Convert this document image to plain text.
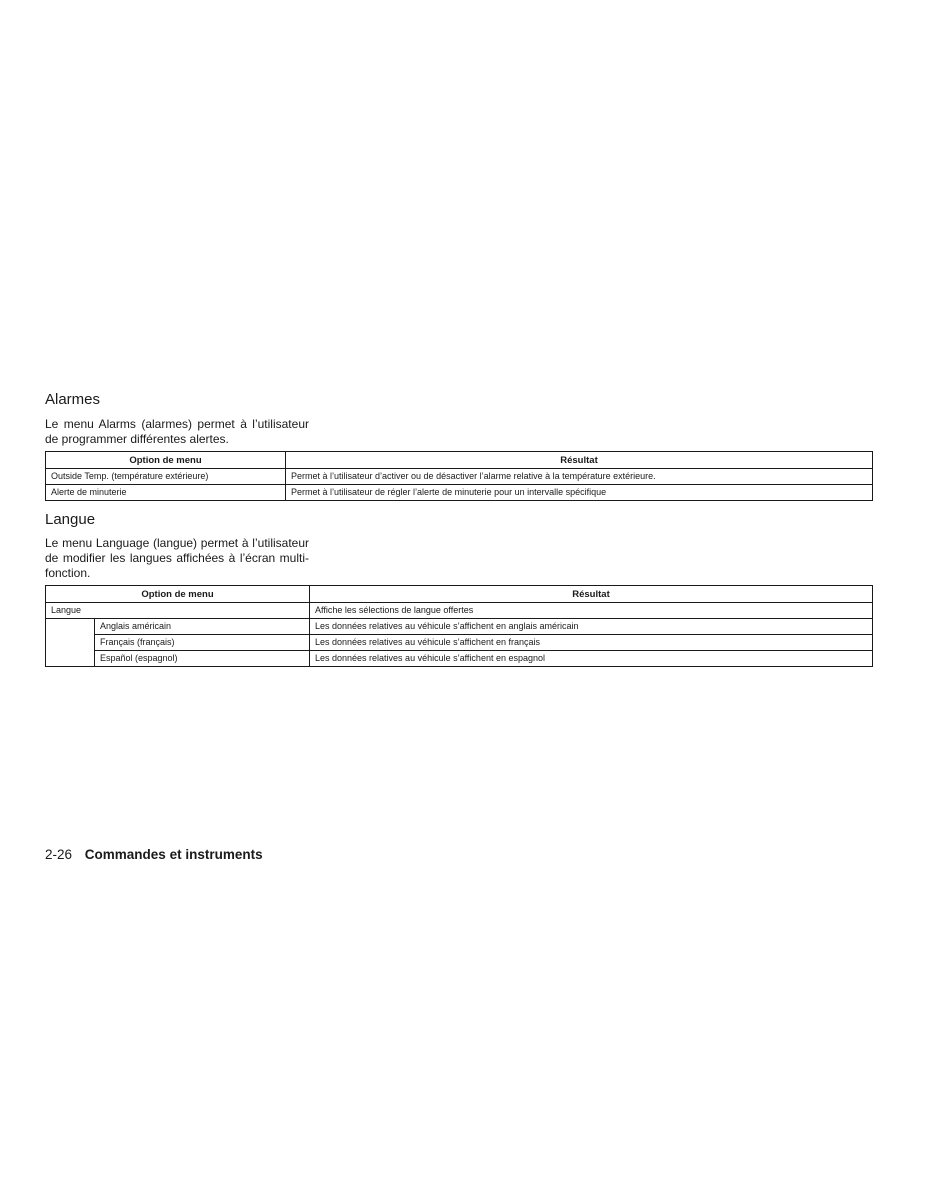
Alarmes

Le menu Alarms (alarmes) permet à l’utilisateur
de programmer différentes alertes.

Option de menu	Résultat
Outside Temp. (température extérieure)	Permet à l’utilisateur d’activer ou de désactiver l’alarme relative à la température extérieure.
Alerte de minuterie	Permet à l’utilisateur de régler l’alerte de minuterie pour un intervalle spécifique
Langue

Le menu Language (langue) permet à l’utilisateur
de modifier les langues affichées à l’écran multi-
fonction.

Option de menu		Résultat
Langue		Affiche les sélections de langue offertes
	Anglais américain	Les données relatives au véhicule s’affichent en anglais américain
	Français (français)	Les données relatives au véhicule s’affichent en français
	Español (espagnol)	Les données relatives au véhicule s’affichent en espagnol
2-26 Commandes et instruments
